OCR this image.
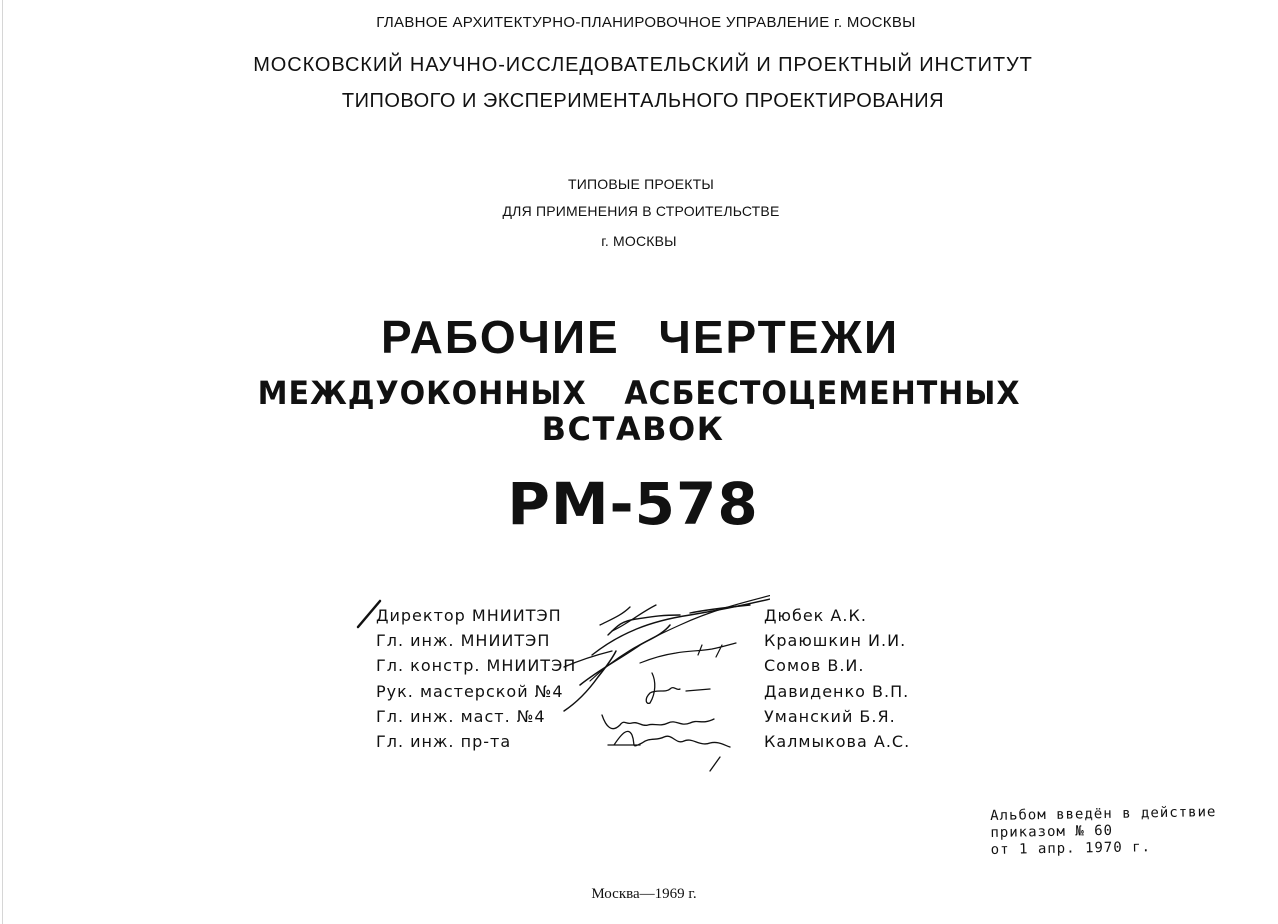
ГЛАВНОЕ АРХИТЕКТУРНО-ПЛАНИРОВОЧНОЕ УПРАВЛЕНИЕ г. МОСКВЫ
МОСКОВСКИЙ НАУЧНО-ИССЛЕДОВАТЕЛЬСКИЙ И ПРОЕКТНЫЙ ИНСТИТУТ
ТИПОВОГО И ЭКСПЕРИМЕНТАЛЬНОГО ПРОЕКТИРОВАНИЯ
ТИПОВЫЕ ПРОЕКТЫ
ДЛЯ ПРИМЕНЕНИЯ В СТРОИТЕЛЬСТВЕ
г. МОСКВЫ
РАБОЧИЕ ЧЕРТЕЖИ
МЕЖДУОКОННЫХ АСБЕСТОЦЕМЕНТНЫХ
ВСТАВОК
РМ-578
Директор МНИИТЭП	Дюбек А.К.
Гл. инж. МНИИТЭП	Краюшкин И.И.
Гл. констр. МНИИТЭП	Сомов В.И.
Рук. мастерской №4	Давиденко В.П.
Гл. инж. маст. №4	Уманский Б.Я.
Гл. инж. пр-та	Калмыкова А.С.
Альбом введён в действие
приказом № 60
от 1 апр. 1970 г.
Москва—1969 г.
